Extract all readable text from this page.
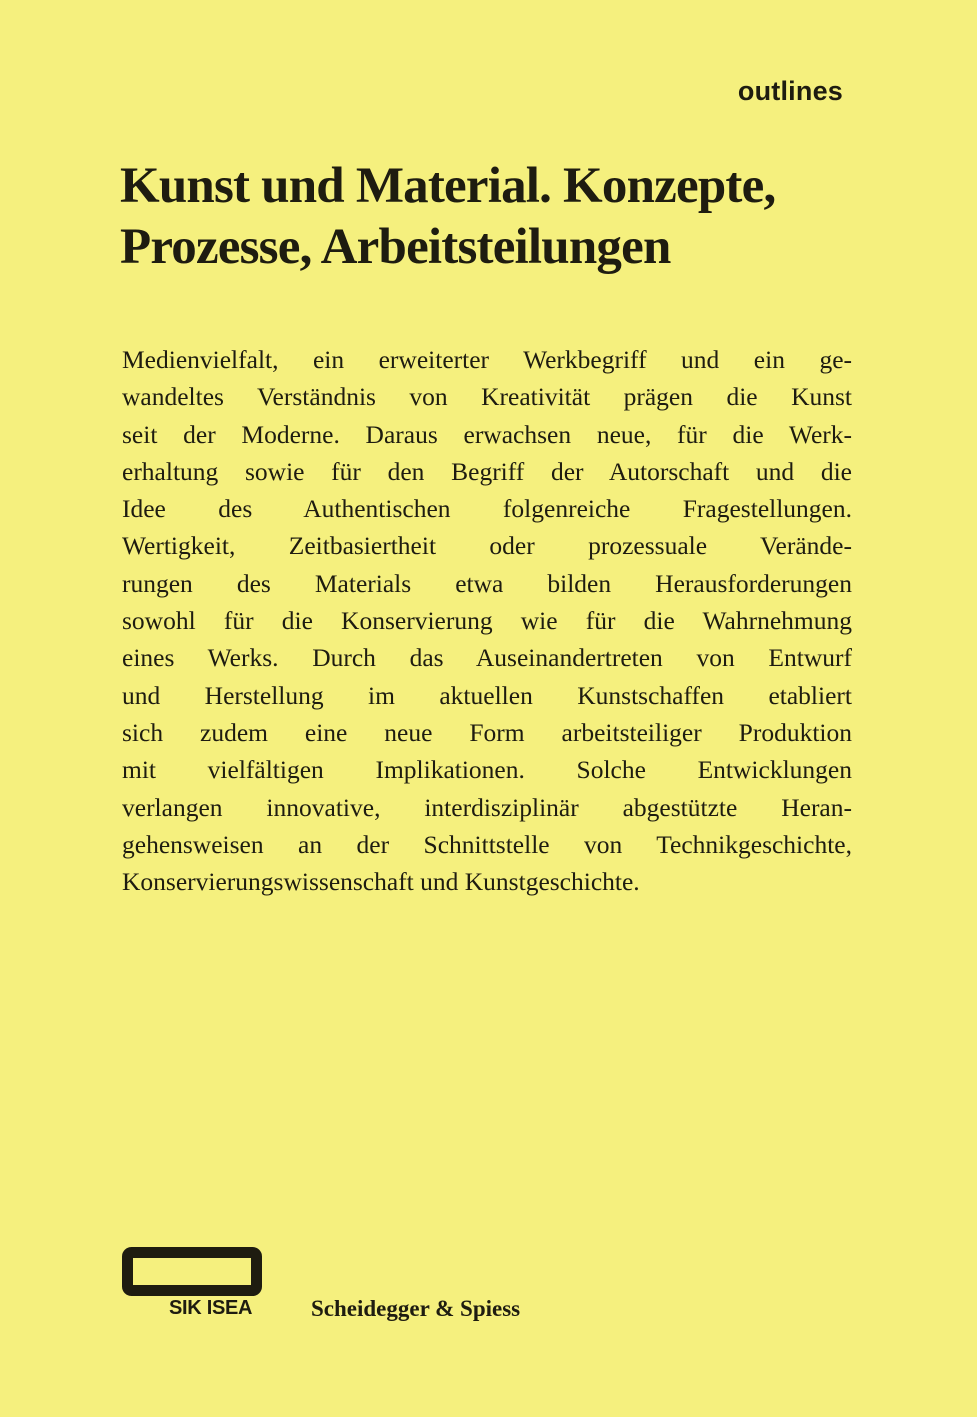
outlines
Kunst und Material. Konzepte,
Prozesse, Arbeitsteilungen
Medienvielfalt, ein erweiterter Werkbegriff und ein ge-
wandeltes Verständnis von Kreativität prägen die Kunst
seit der Moderne. Daraus erwachsen neue, für die Werk-
erhaltung sowie für den Begriff der Autorschaft und die
Idee des Authentischen folgenreiche Fragestellungen.
Wertigkeit, Zeitbasiertheit oder prozessuale Verände-
rungen des Materials etwa bilden Herausforderungen
sowohl für die Konservierung wie für die Wahrnehmung
eines Werks. Durch das Auseinandertreten von Entwurf
und Herstellung im aktuellen Kunstschaffen etabliert
sich zudem eine neue Form arbeitsteiliger Produktion
mit vielfältigen Implikationen. Solche Entwicklungen
verlangen innovative, interdisziplinär abgestützte Heran-
gehensweisen an der Schnittstelle von Technikgeschichte,
Konservierungswissenschaft und Kunstgeschichte.
SIK ISEA	Scheidegger & Spiess
